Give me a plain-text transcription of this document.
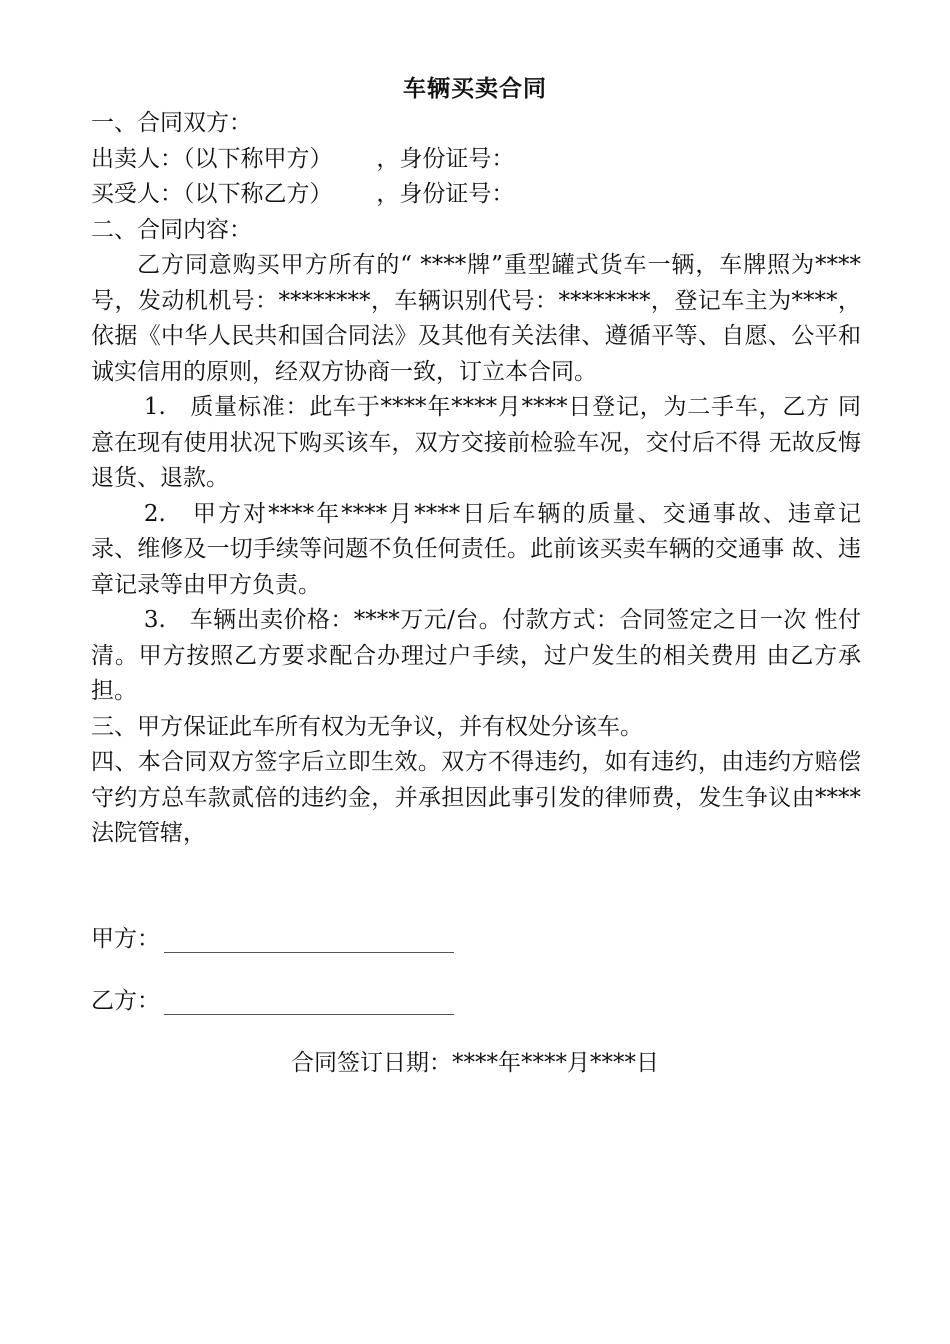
车辆买卖合同
一、合同双方：
出卖人：（以下称甲方）      ，身份证号：
买受人：（以下称乙方）      ，身份证号：
二、合同内容：

乙方同意购买甲方所有的“ ****牌”重型罐式货车一辆，车牌照为****号，发动机机号：********，车辆识别代号：********，登记车主为****，依据《中华人民共和国合同法》及其他有关法律、遵循平等、自愿、公平和诚实信用的原则，经双方协商一致，订立本合同。

1.　质量标准：此车于****年****月****日登记，为二手车，乙方 同意在现有使用状况下购买该车，双方交接前检验车况，交付后不得 无故反悔退货、退款。

2.　甲方对****年****月****日后车辆的质量、交通事故、违章记 录、维修及一切手续等问题不负任何责任。此前该买卖车辆的交通事 故、违章记录等由甲方负责。

3.　车辆出卖价格：****万元/台。付款方式：合同签定之日一次 性付清。甲方按照乙方要求配合办理过户手续，过户发生的相关费用 由乙方承担。

三、甲方保证此车所有权为无争议，并有权处分该车。

四、本合同双方签字后立即生效。双方不得违约，如有违约，由违约方赔偿守约方总车款贰倍的违约金，并承担因此事引发的律师费，发生争议由****法院管辖，

甲方：
乙方：
合同签订日期：****年****月****日
